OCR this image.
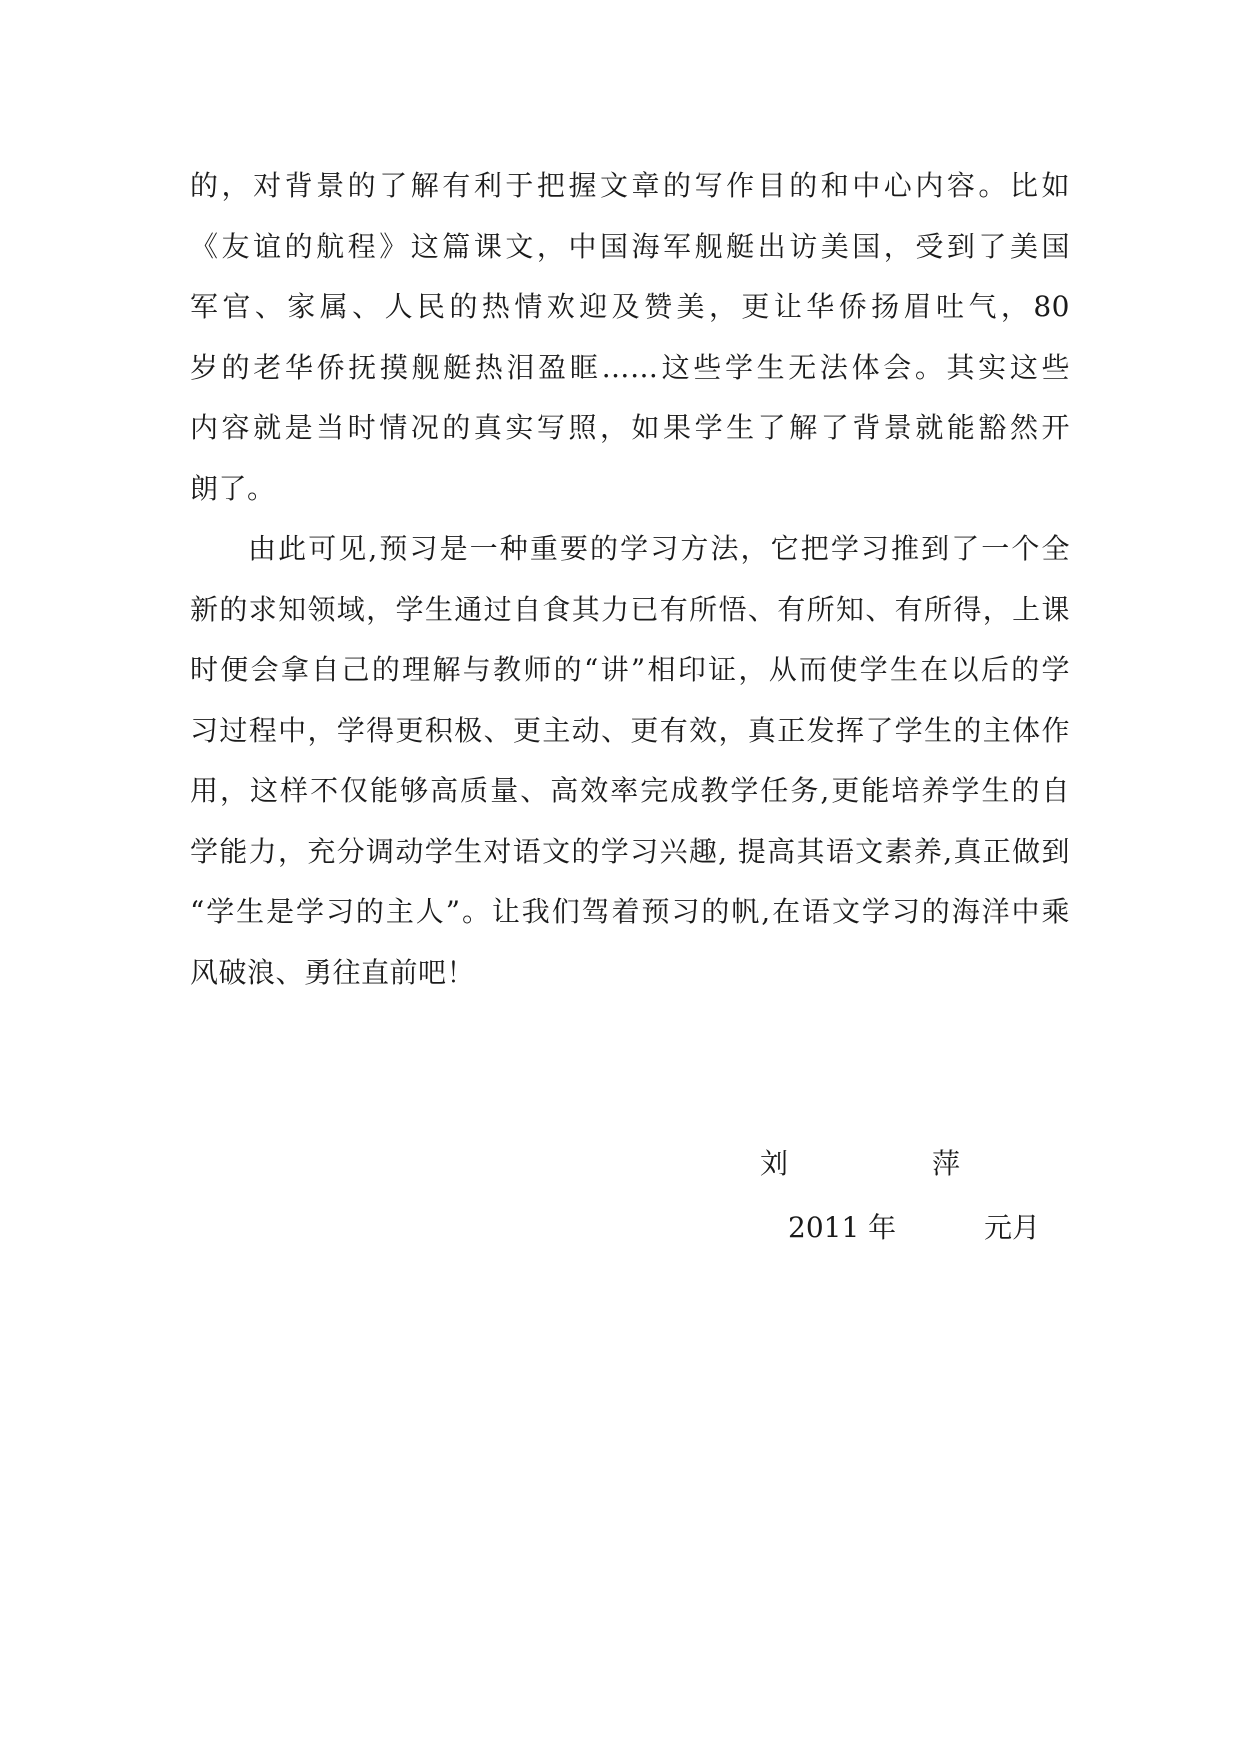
的，对背景的了解有利于把握文章的写作目的和中心内容。比如

《友谊的航程》这篇课文，中国海军舰艇出访美国，受到了美国

军官、家属、人民的热情欢迎及赞美，更让华侨扬眉吐气，80

岁的老华侨抚摸舰艇热泪盈眶……这些学生无法体会。其实这些

内容就是当时情况的真实写照，如果学生了解了背景就能豁然开

朗了。

由此可见,预习是一种重要的学习方法，它把学习推到了一个全

新的求知领域，学生通过自食其力已有所悟、有所知、有所得，上课

时便会拿自己的理解与教师的“讲”相印证，从而使学生在以后的学

习过程中，学得更积极、更主动、更有效，真正发挥了学生的主体作

用，这样不仅能够高质量、高效率完成教学任务,更能培养学生的自

学能力，充分调动学生对语文的学习兴趣, 提高其语文素养,真正做到

“学生是学习的主人”。让我们驾着预习的帆,在语文学习的海洋中乘

风破浪、勇往直前吧！

刘	萍
2011 年	元月
